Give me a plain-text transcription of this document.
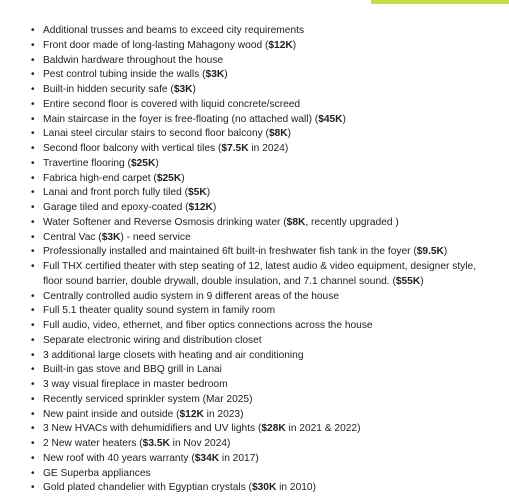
• Additional trusses and beams to exceed city requirements
• Front door made of long-lasting Mahagony wood ($12K)
• Baldwin hardware throughout the house
• Pest control tubing inside the walls ($3K)
• Built-in hidden security safe ($3K)
• Entire second floor is covered with liquid concrete/screed
• Main staircase in the foyer is free-floating (no attached wall) ($45K)
• Lanai steel circular stairs to second floor balcony ($8K)
• Second floor balcony with vertical tiles ($7.5K in 2024)
• Travertine flooring ($25K)
• Fabrica high-end carpet ($25K)
• Lanai and front porch fully tiled ($5K)
• Garage tiled and epoxy-coated ($12K)
• Water Softener and Reverse Osmosis drinking water ($8K, recently upgraded )
• Central Vac ($3K) - need service
• Professionally installed and maintained 6ft built-in freshwater fish tank in the foyer ($9.5K)
• Full THX certified theater with step seating of 12, latest audio & video equipment, designer style, floor sound barrier, double drywall, double insulation, and 7.1 channel sound. ($55K)
• Centrally controlled audio system in 9 different areas of the house
• Full 5.1 theater quality sound system in family room
• Full audio, video, ethernet, and fiber optics connections across the house
• Separate electronic wiring and distribution closet
• 3 additional large closets with heating and air conditioning
• Built-in gas stove and BBQ grill in Lanai
• 3 way visual fireplace in master bedroom
• Recently serviced sprinkler system (Mar 2025)
• New paint inside and outside ($12K in 2023)
• 3 New HVACs with dehumidifiers and UV lights ($28K in 2021 & 2022)
• 2 New water heaters ($3.5K in Nov 2024)
• New roof with 40 years warranty ($34K in 2017)
• GE Superba appliances
• Gold plated chandelier with Egyptian crystals ($30K in 2010)
